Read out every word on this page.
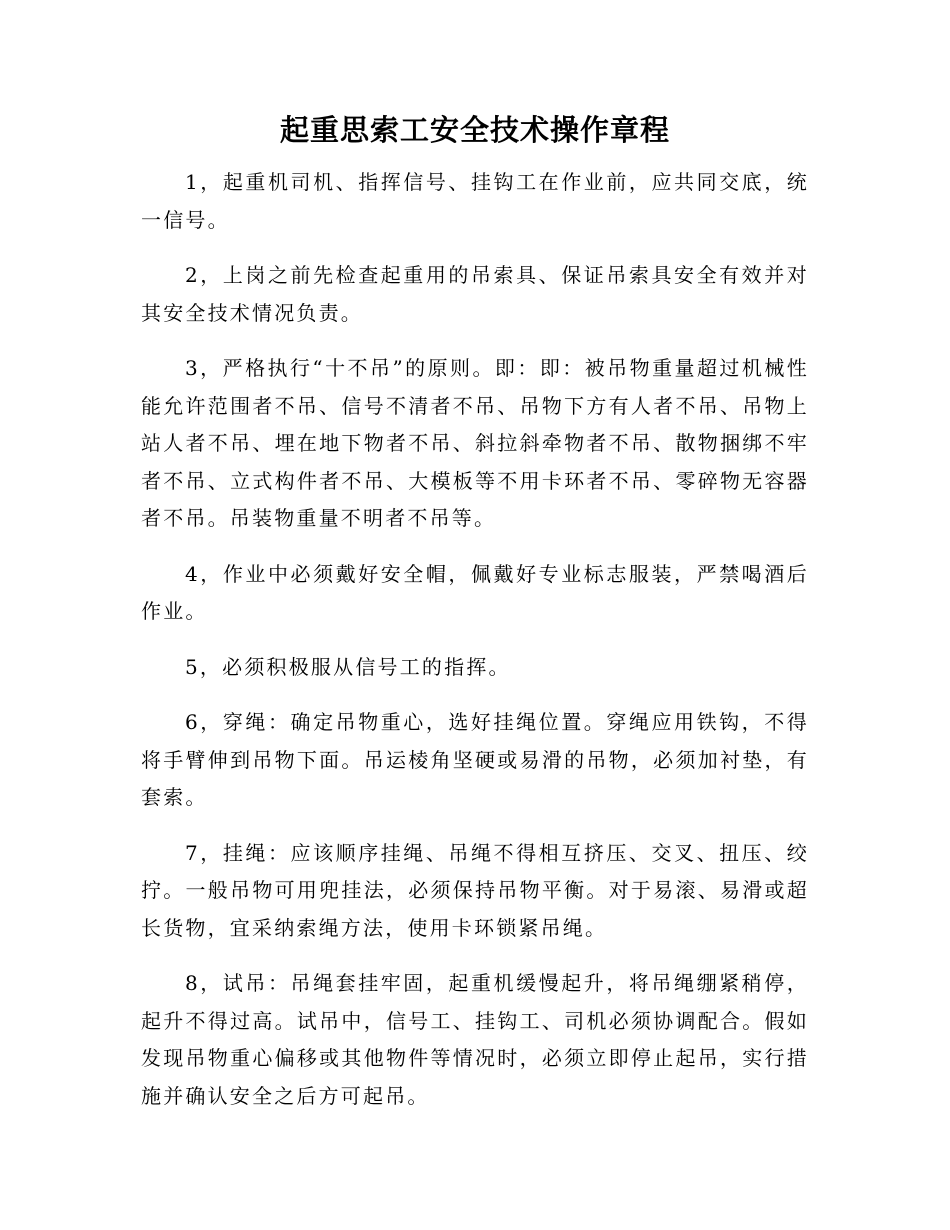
起重思索工安全技术操作章程

1，起重机司机、指挥信号、挂钩工在作业前，应共同交底，统一信号。

2，上岗之前先检查起重用的吊索具、保证吊索具安全有效并对其安全技术情况负责。

3，严格执行“十不吊”的原则。即：即：被吊物重量超过机械性能允许范围者不吊、信号不清者不吊、吊物下方有人者不吊、吊物上站人者不吊、埋在地下物者不吊、斜拉斜牵物者不吊、散物捆绑不牢者不吊、立式构件者不吊、大模板等不用卡环者不吊、零碎物无容器者不吊。吊装物重量不明者不吊等。

4，作业中必须戴好安全帽，佩戴好专业标志服装，严禁喝酒后作业。

5，必须积极服从信号工的指挥。

6，穿绳：确定吊物重心，选好挂绳位置。穿绳应用铁钩，不得将手臂伸到吊物下面。吊运棱角坚硬或易滑的吊物，必须加衬垫，有套索。

7，挂绳：应该顺序挂绳、吊绳不得相互挤压、交叉、扭压、绞拧。一般吊物可用兜挂法，必须保持吊物平衡。对于易滚、易滑或超长货物，宜采纳索绳方法，使用卡环锁紧吊绳。

8，试吊：吊绳套挂牢固，起重机缓慢起升，将吊绳绷紧稍停，起升不得过高。试吊中，信号工、挂钩工、司机必须协调配合。假如发现吊物重心偏移或其他物件等情况时，必须立即停止起吊，实行措施并确认安全之后方可起吊。
